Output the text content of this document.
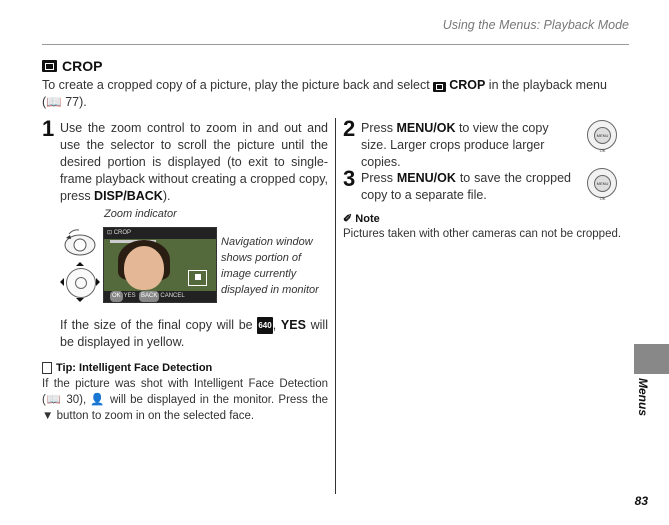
Using the Menus: Playback Mode
CROP
To create a cropped copy of a picture, play the picture back and select
CROP in the playback menu
(📖 77).
1 Use the zoom control to zoom in and out and use the selector to scroll the picture until the desired portion is displayed (to exit to single-frame playback without creating a cropped copy, press DISP/BACK).
Zoom indicator
⊡ CROP
OK YES BACK CANCEL
Navigation window shows portion of image currently displayed in monitor
If the size of the final copy will be 640, YES will be displayed in yellow.
Tip: Intelligent Face Detection
If the picture was shot with Intelligent Face Detection (📖 30), 👤 will be displayed in the monitor. Press the ▼ button to zoom in on the selected face.
2 Press MENU/OK to view the copy size. Larger crops produce larger copies.
MENU
OK
3 Press MENU/OK to save the cropped copy to a separate file.
MENU
OK
✐ Note
Pictures taken with other cameras can not be cropped.
Menus
83
